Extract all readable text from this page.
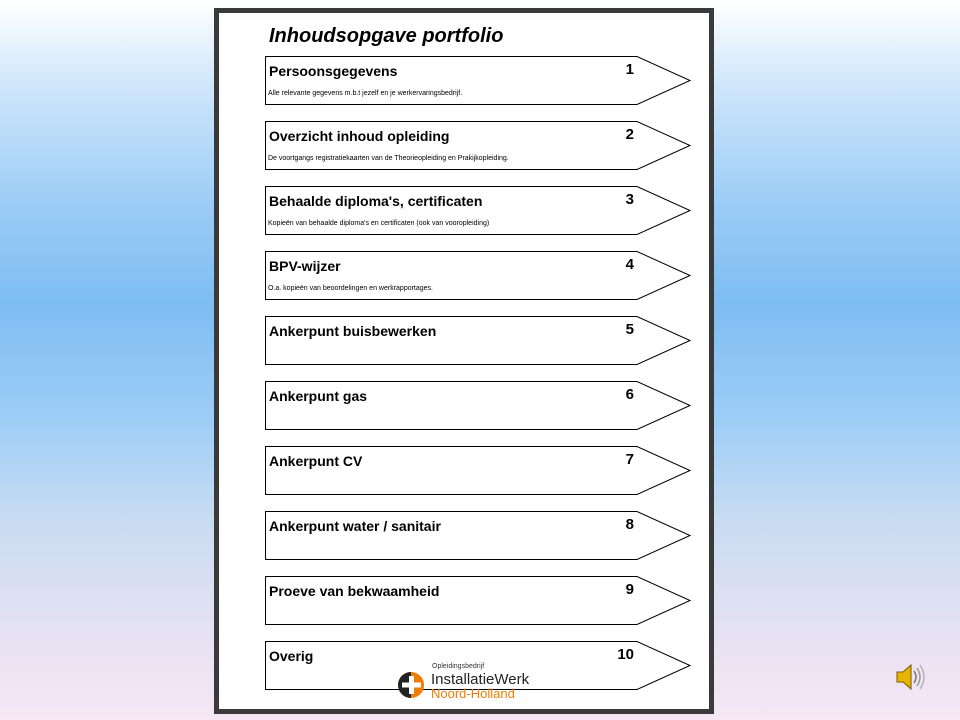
Inhoudsopgave portfolio
Persoonsgegevens	1
Alle relevante gegevens m.b.t jezelf en je werkervaringsbedrijf.
Overzicht inhoud opleiding	2
De voortgangs registratiekaarten van de Theorieopleiding en Prakijkopleiding.
Behaalde diploma's, certificaten	3
Kopieën van behaalde diploma's en certificaten (ook van vooropleiding)
BPV-wijzer	4
O.a. kopieën van beoordelingen en werkrapportages.
Ankerpunt buisbewerken	5
Ankerpunt gas	6
Ankerpunt CV	7
Ankerpunt water / sanitair	8
Proeve van bekwaamheid	9
Overig	10
Opleidingsbedrijf
InstallatieWerk
Noord-Holland
